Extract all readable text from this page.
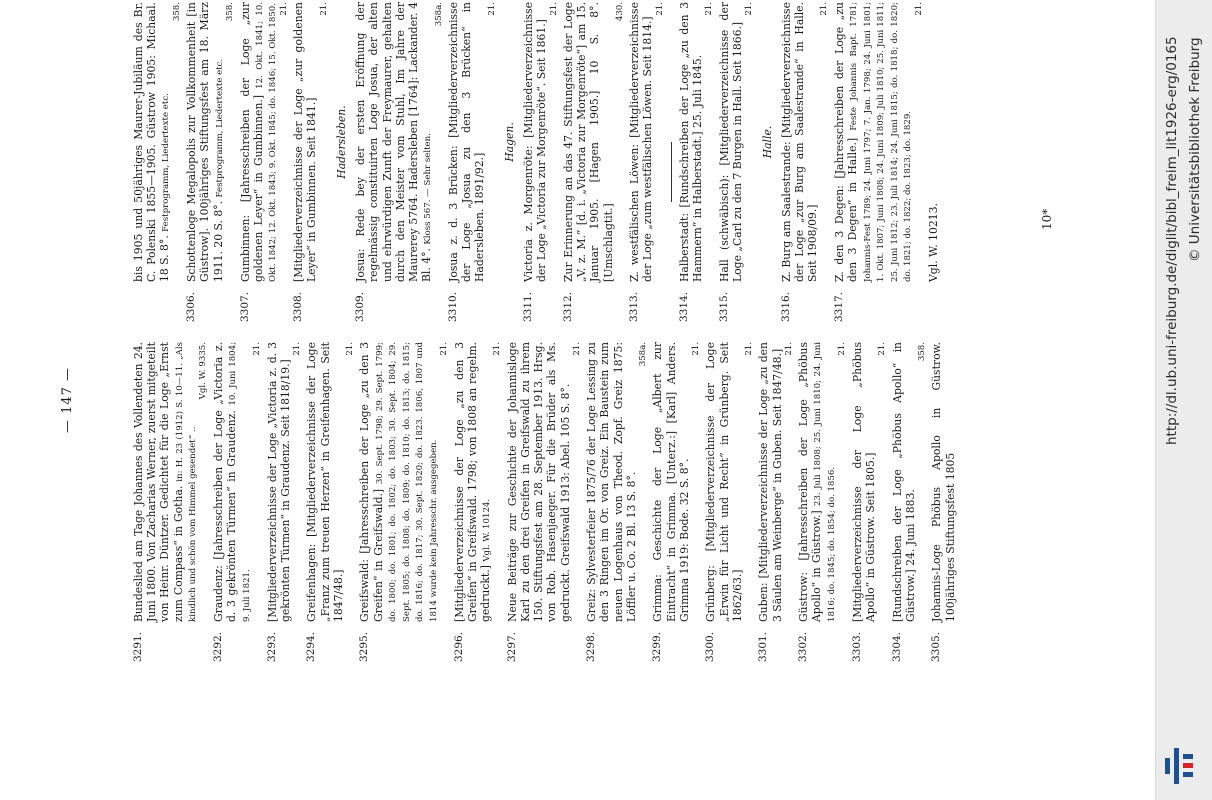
— 147 —
3291.
Bundeslied am Tage Johannes des Vollendeten 24. Juni 1800. Von Zacharias Werner, zuerst mitgeteilt von Heinr. Düntzer. Gedichtet für die Loge „Ernst zum Compass“ in Gotha. in: H. 23 (1912) S. 10—11. „Als kindlich und schön vom Himmel gesendet“ ..
Vgl. W. 9335.
3292.
Graudenz: [Jahresschreiben der Loge „Victoria z. d. 3 gekrönten Türmen“ in Graudenz. 10. Juni 1804; 9. Juli 1821.
21.
3293.
[Mitgliederverzeichnisse der Loge „Victoria z. d. 3 gekrönten Türmen“ in Graudenz. Seit 1818/19.]
21.
3294.
Greifenhagen: [Mitgliederverzeichnisse der Loge „Franz zum treuen Herzen“ in Greifenhagen. Seit 1847/48.]
21.
3295.
Greifswald: [Jahresschreiben der Loge „zu den 3 Greifen“ in Greifswald.] 30. Sept. 1798; 29. Sept. 1799; do. 1800; do. 1801; do. 1802; do. 1803; 30. Sept. 1804; 29. Sept. 1805; do. 1808; do. 1809; do. 1810; do. 1813; do. 1815; do. 1816; do. 1817; 30. Sept. 1820; do. 1823. 1806, 1807 und 1814 wurde kein Jahresschr. ausgegeben.
21.
3296.
[Mitgliederverzeichnisse der Loge „zu den 3 Greifen“ in Greifswald. 1798; von 1808 an regelm. gedruckt.] Vgl. W. 10124.
21.
3297.
Neue Beiträge zur Geschichte der Johannisloge Karl zu den drei Greifen in Greifswald zu ihrem 150. Stiftungsfest am 28. September 1913. Hrsg. von Rob. Hasenjaeger. Für die Brüder als Ms. gedruckt. Greifswald 1913: Abel. 105 S. 8°.
21.
3298.
Greiz: Sylvesterfeier 1875/76 der Loge Lessing zu den 3 Ringen im Or. von Greiz. Ein Baustein zum neuen Logenhaus von Theod. Zopf. Greiz 1875: Löffler u. Co. 2 Bl. 13 S. 8°.
358a.
3299.
Grimma: Geschichte der Loge „Albert zur Eintracht“ in Grimma. [Unterz.:] [Karl] Anders. Grimma 1919: Bode. 32 S. 8°.
21.
3300.
Grünberg: [Mitgliederverzeichnisse der Loge „Erwin für Licht und Recht“ in Grünberg. Seit 1862/63.]
21.
3301.
Guben: [Mitgliederverzeichnisse der Loge „zu den 3 Säulen am Weinberge“ in Guben. Seit 1847/48.] 21.
3302.
Güstrow: [Jahresschreiben der Loge „Phöbus Apollo“ in Güstrow.] 23. Juli 1808; 25. Juni 1810; 24. Juni 1816; do. 1845; do. 1854; do. 1856.
21.
3303.
[Mitgliederverzeichnisse der Loge „Phöbus Apollo“ in Güstrow. Seit 1805.]
21.
3304.
[Rundschreiben der Loge „Phöbus Apollo“ in Güstrow.] 24. Juni 1883.
358.
3305.
Johannis-Loge Phöbus Apollo in Güstrow. 100jähriges Stiftungsfest 1805
bis 1905 und 50jähriges Maurer-Jubiläum des Br. C. Polenski 1855—1905. Güstrow 1905: Michaal. 18 S. 8°. Festprogramm, Liedertexte etc.
358.
3306.
Schottenloge Megalopolis zur Vollkommenheit [in Güstrow]. 100jähriges Stiftungsfest am 18. März 1911. 20 S. 8°. Festprogramm, Liedertexte etc.
358.
3307.
Gumbinnen: [Jahresschreiben der Loge „zur goldenen Leyer“ in Gumbinnen.] 12. Okt. 1841; 10. Okt. 1842; 12. Okt. 1843; 9. Okt. 1845; do. 1846; 15. Okt. 1850. 21.
3308.
[Mitgliederverzeichnisse der Loge „zur goldenen Leyer“ in Gumbinnen. Seit 1841.]
21.
Hadersleben.
3309.
Josua: Rede bey der ersten Eröffnung der regelmässig constituirten Loge Josua, der alten und ehrwürdigen Zunft der Freymaurer, gehalten durch den Meister vom Stuhl, Im Jahre der Maurerey 5764. Hadersleben [1764]: Lackander. 4 Bl. 4°. Kloss 567. — Sehr selten.
358a.
3310.
Josua z. d. 3 Brücken: [Mitgliederverzeichnisse der Loge „Josua zu den 3 Brücken“ in Hadersleben. 1891/92.]
21.
Hagen.
3311.
Victoria z. Morgenröte: [Mitgliederverzeichnisse der Loge „Victoria zur Morgenröte“. Seit 1861.]
21.
3312.
Zur Erinnerung an das 47. Stiftungsfest der Loge „V. z. M.“ [d. i. „Victoria zur Morgenröte“] am 15. Januar 1905. [Hagen 1905.] 10 S. 8°. [Umschlagtit.]
430.
3313.
Z. westfälischen Löwen: [Mitgliederverzeichnisse der Loge „zum westfälischen Löwen. Seit 1814.]
21.
3314.
Halberstadt: [Rundschreiben der Loge „zu den 3 Hammern“ in Halberstadt.] 25. Juli 1845.
21.
3315.
Hall (schwäbisch): [Mitgliederverzeichnisse der Loge „Carl zu den 7 Burgen in Hall. Seit 1866.]
21.
Halle.
3316.
Z. Burg am Saalestrande: [Mitgliederverzeichnisse der Loge „zur Burg am Saalestrande“ in Halle. Seit 1908/09.]
21.
3317.
Z. den 3 Degen: [Jahresschreiben der Loge „zu den 3 Degen“ in Halle.] Feste Johannis Bapt. 1781; Johannis-Fest 1789; 24. Juni 1797; 7. Jan. 1798; 24. Juni 1801; 1. Okt. 1807; Juni 1808; 24. Juni 1809; Juli 1810; 25. Juni 1811; 25. Juni 1812; 23. Juli 1814; 24. Juni 1815; do. 1818; do. 1820; do. 1821; do. 1822; do. 1823; do. 1829.
21.
Vgl. W. 10213.	10*	http://dl.ub.uni-freiburg.de/diglit/bibl_freim_lit1926-erg/0165 © Universitätsbibliothek Freiburg
